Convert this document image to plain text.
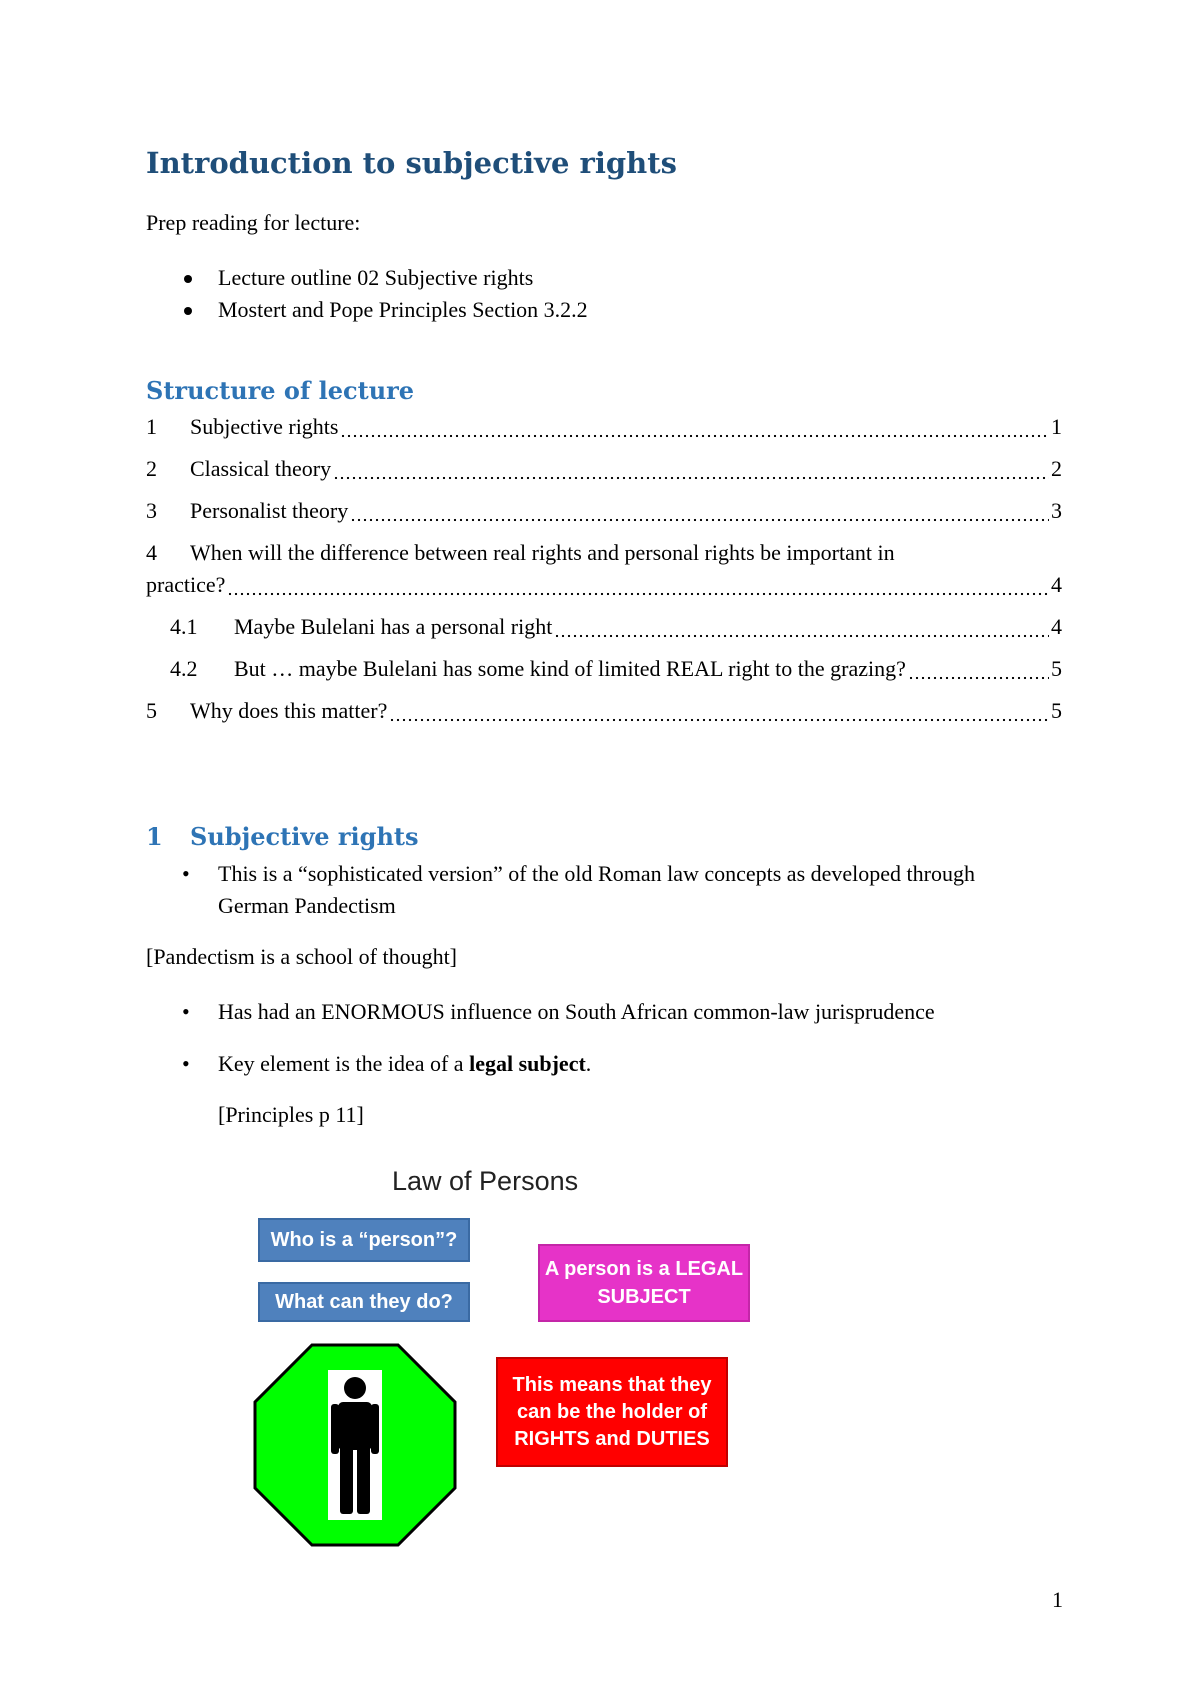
Introduction to subjective rights
Prep reading for lecture:
Lecture outline 02 Subjective rights
Mostert and Pope Principles Section 3.2.2
Structure of lecture
1	Subjective rights	1
2	Classical theory	2
3	Personalist theory	3
4 When will the difference between real rights and personal rights be important in
practice?	4
4.1	Maybe Bulelani has a personal right	4
4.2	But … maybe Bulelani has some kind of limited REAL right to the grazing?	5
5	Why does this matter?	5
1 Subjective rights
• This is a “sophisticated version” of the old Roman law concepts as developed through
German Pandectism
[Pandectism is a school of thought]
• Has had an ENORMOUS influence on South African common-law jurisprudence
• Key element is the idea of a legal subject.
[Principles p 11]
Law of Persons
Who is a “person”?
What can they do?
A person is a LEGAL
SUBJECT
This means that they
can be the holder of
RIGHTS and DUTIES
1
